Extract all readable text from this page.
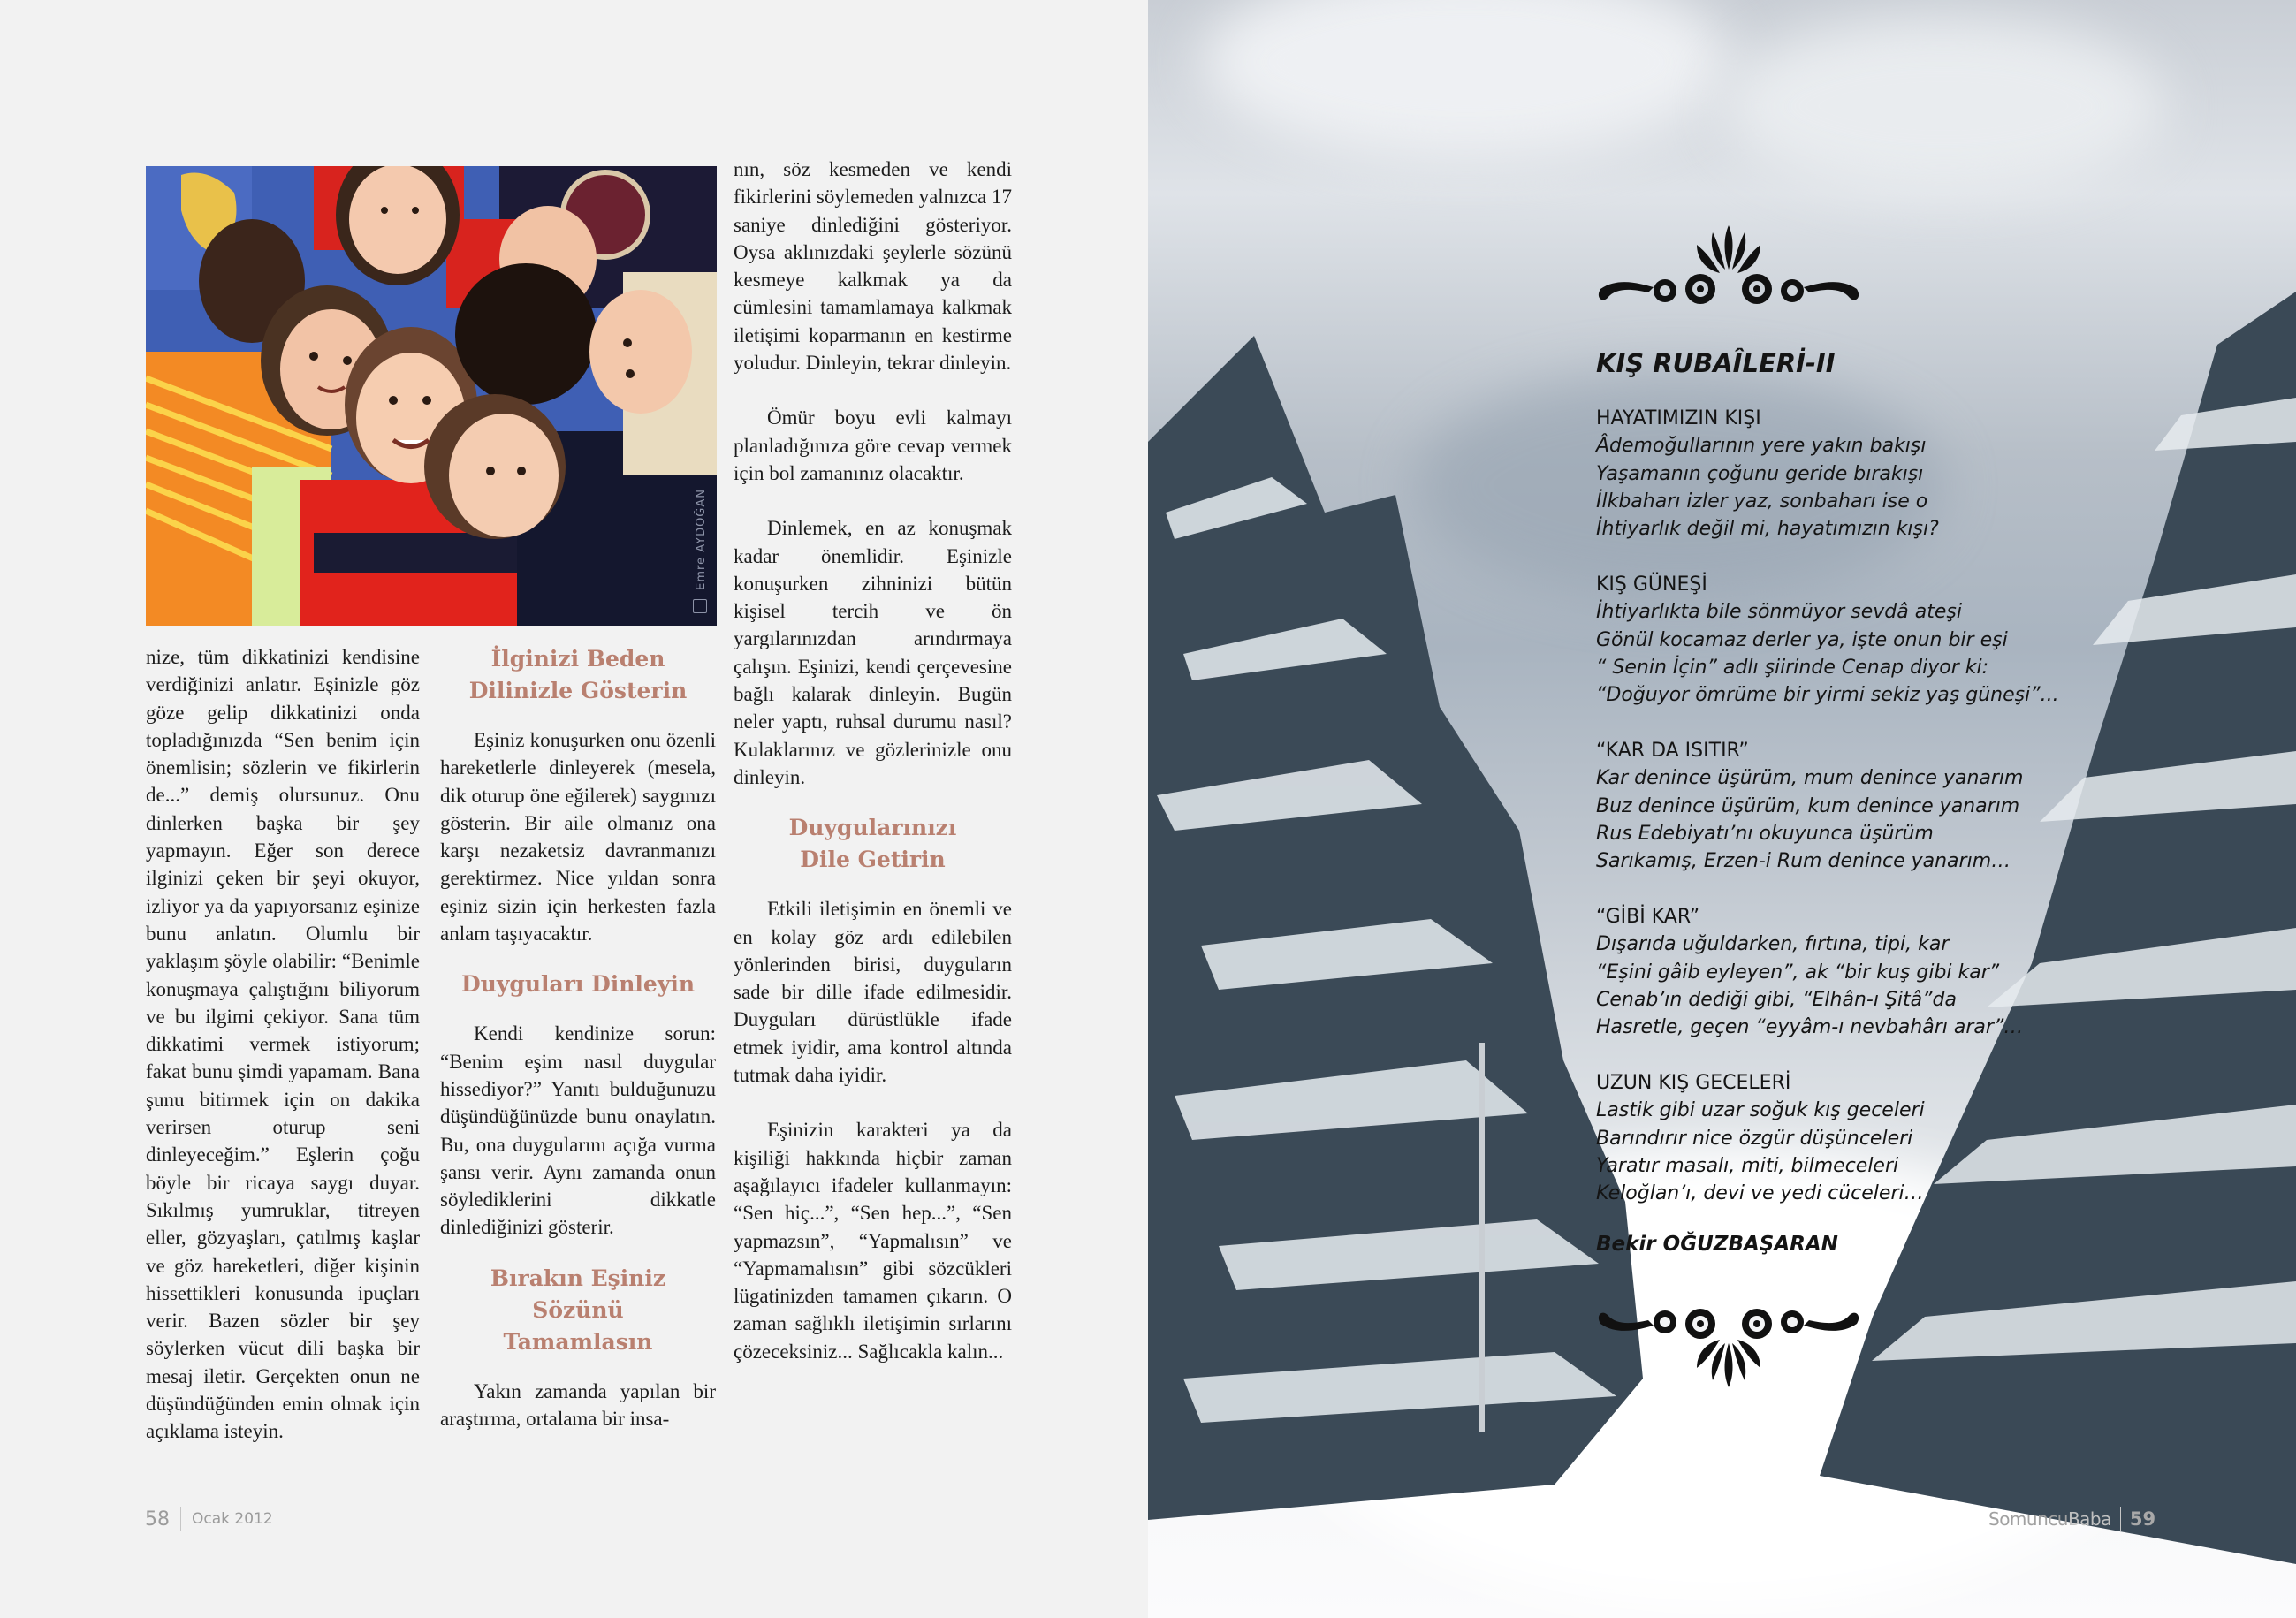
Emre AYDOĞAN

nize, tüm dikkatinizi kendisine verdiğinizi anlatır. Eşinizle göz göze gelip dikkatinizi onda topladığınızda “Sen benim için önemlisin; sözlerin ve fikirlerin de...” demiş olursunuz. Onu dinlerken başka bir şey yapmayın. Eğer son derece ilginizi çeken bir şeyi okuyor, izliyor ya da yapıyorsanız eşinize bunu anlatın. Olumlu bir yaklaşım şöyle olabilir: “Benimle konuşmaya çalıştığını biliyorum ve bu ilgimi çekiyor. Sana tüm dikkatimi vermek istiyorum; fakat bunu şimdi yapamam. Bana şunu bitirmek için on dakika verirsen oturup seni dinleyeceğim.” Eşlerin çoğu böyle bir ricaya saygı duyar. Sıkılmış yumruklar, titreyen eller, gözyaşları, çatılmış kaşlar ve göz hareketleri, diğer kişinin hissettikleri konusunda ipuçları verir. Bazen sözler bir şey söylerken vücut dili başka bir mesaj iletir. Gerçekten onun ne düşündüğünden emin olmak için açıklama isteyin.

İlginizi Beden Dilinizle Gösterin

Eşiniz konuşurken onu özenli hareketlerle dinleyerek (mesela, dik oturup öne eğilerek) saygınızı gösterin. Bir aile olmanız ona karşı nezaketsiz davranmanızı gerektirmez. Nice yıldan sonra eşiniz sizin için herkesten fazla anlam taşıyacaktır.

Duyguları Dinleyin

Kendi kendinize sorun: “Benim eşim nasıl duygular hissediyor?” Yanıtı bulduğunuzu düşündüğünüzde bunu onaylatın. Bu, ona duygularını açığa vurma şansı verir. Aynı zamanda onun söylediklerini dikkatle dinlediğinizi gösterir.

Bırakın Eşiniz Sözünü Tamamlasın

Yakın zamanda yapılan bir araştırma, ortalama bir insa-

nın, söz kesmeden ve kendi fikirlerini söylemeden yalnızca 17 saniye dinlediğini gösteriyor. Oysa aklınızdaki şeylerle sözünü kesmeye kalkmak ya da cümlesini tamamlamaya kalkmak iletişimi koparmanın en kestirme yoludur. Dinleyin, tekrar dinleyin.

Ömür boyu evli kalmayı planladığınıza göre cevap vermek için bol zamanınız olacaktır.

Dinlemek, en az konuşmak kadar önemlidir. Eşinizle konuşurken zihninizi bütün kişisel tercih ve ön yargılarınızdan arındırmaya çalışın. Eşinizi, kendi çerçevesine bağlı kalarak dinleyin. Bugün neler yaptı, ruhsal durumu nasıl? Kulaklarınız ve gözlerinizle onu dinleyin.

Duygularınızı Dile Getirin

Etkili iletişimin en önemli ve en kolay göz ardı edilebilen yönlerinden birisi, duyguların sade bir dille ifade edilmesidir. Duyguları dürüstlükle ifade etmek iyidir, ama kontrol altında tutmak daha iyidir.

Eşinizin karakteri ya da kişiliği hakkında hiçbir zaman aşağılayıcı ifadeler kullanmayın: “Sen hiç...”, “Sen hep...”, “Sen yapmazsın”, “Yapmalısın” ve “Yapmamalısın” gibi sözcükleri lügatinizden tamamen çıkarın. O zaman sağlıklı iletişimin sırlarını çözeceksiniz... Sağlıcakla kalın...

58 Ocak 2012
KIŞ RUBAÎLERİ-II
HAYATIMIZIN KIŞI
Âdemoğullarının yere yakın bakışı
Yaşamanın çoğunu geride bırakışı
İlkbaharı izler yaz, sonbaharı ise o
İhtiyarlık değil mi, hayatımızın kışı?
KIŞ GÜNEŞİ
İhtiyarlıkta bile sönmüyor sevdâ ateşi
Gönül kocamaz derler ya, işte onun bir eşi
“ Senin İçin” adlı şiirinde Cenap diyor ki:
“Doğuyor ömrüme bir yirmi sekiz yaş güneşi”...
“KAR DA ISITIR”
Kar denince üşürüm, mum denince yanarım
Buz denince üşürüm, kum denince yanarım
Rus Edebiyatı’nı okuyunca üşürüm
Sarıkamış, Erzen-i Rum denince yanarım…
“GİBİ KAR”
Dışarıda uğuldarken, fırtına, tipi, kar
“Eşini gâib eyleyen”, ak “bir kuş gibi kar”
Cenab’ın dediği gibi, “Elhân-ı Şitâ”da
Hasretle, geçen “eyyâm-ı nevbahârı arar”…
UZUN KIŞ GECELERİ
Lastik gibi uzar soğuk kış geceleri
Barındırır nice özgür düşünceleri
Yaratır masalı, miti, bilmeceleri
Keloğlan’ı, devi ve yedi cüceleri…
Bekir OĞUZBAŞARAN
SomuncuBaba 59
